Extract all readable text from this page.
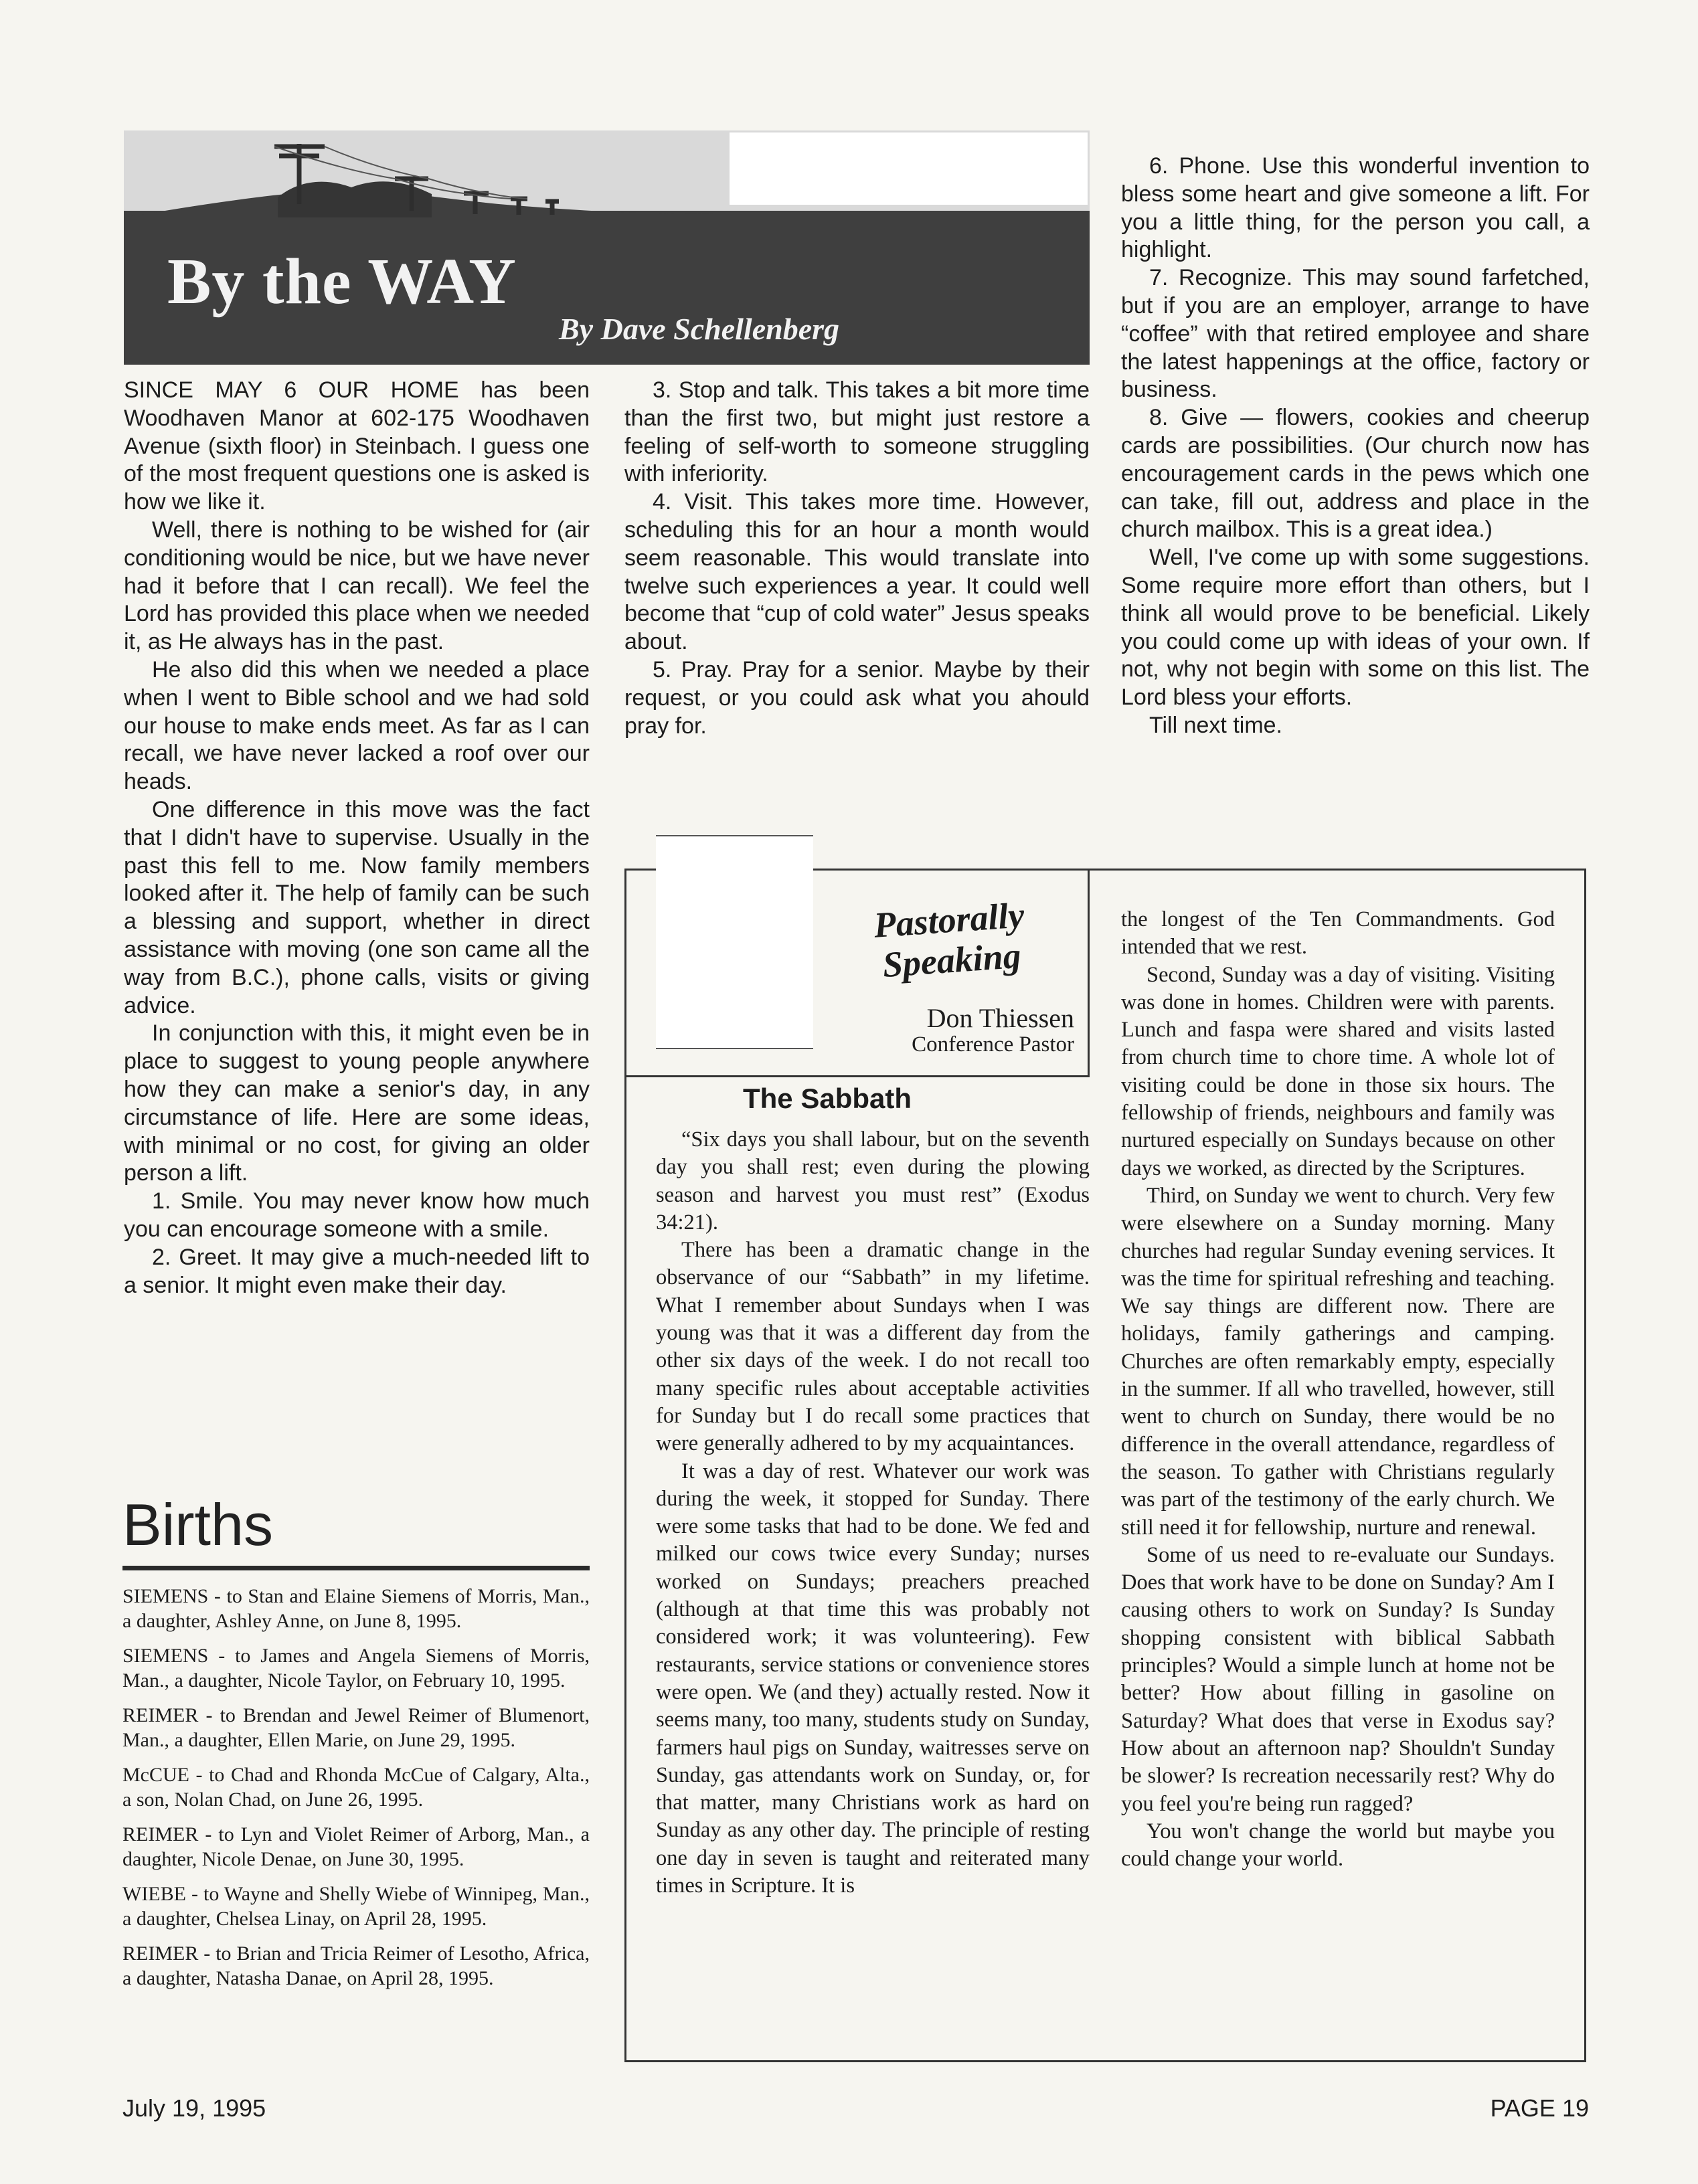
By the WAY
By Dave Schellenberg

SINCE MAY 6 OUR HOME has been Woodhaven Manor at 602-175 Woodhaven Avenue (sixth floor) in Steinbach. I guess one of the most frequent questions one is asked is how we like it.

Well, there is nothing to be wished for (air conditioning would be nice, but we have never had it before that I can recall). We feel the Lord has provided this place when we needed it, as He always has in the past.

He also did this when we needed a place when I went to Bible school and we had sold our house to make ends meet. As far as I can recall, we have never lacked a roof over our heads.

One difference in this move was the fact that I didn't have to supervise. Usually in the past this fell to me. Now family members looked after it. The help of family can be such a blessing and support, whether in direct assistance with moving (one son came all the way from B.C.), phone calls, visits or giving advice.

In conjunction with this, it might even be in place to suggest to young people anywhere how they can make a senior's day, in any circumstance of life. Here are some ideas, with minimal or no cost, for giving an older person a lift.

1. Smile. You may never know how much you can encourage someone with a smile.

2. Greet. It may give a much-needed lift to a senior. It might even make their day.

3. Stop and talk. This takes a bit more time than the first two, but might just restore a feeling of self-worth to someone struggling with inferiority.

4. Visit. This takes more time. However, scheduling this for an hour a month would seem reasonable. This would translate into twelve such experiences a year. It could well become that “cup of cold water” Jesus speaks about.

5. Pray. Pray for a senior. Maybe by their request, or you could ask what you ahould pray for.

6. Phone. Use this wonderful invention to bless some heart and give someone a lift. For you a little thing, for the person you call, a highlight.

7. Recognize. This may sound farfetched, but if you are an employer, arrange to have “coffee” with that retired employee and share the latest happenings at the office, factory or business.

8. Give — flowers, cookies and cheerup cards are possibilities. (Our church now has encouragement cards in the pews which one can take, fill out, address and place in the church mailbox. This is a great idea.)

Well, I've come up with some suggestions. Some require more effort than others, but I think all would prove to be beneficial. Likely you could come up with ideas of your own. If not, why not begin with some on this list. The Lord bless your efforts.

Till next time.

Births

SIEMENS - to Stan and Elaine Siemens of Morris, Man., a daughter, Ashley Anne, on June 8, 1995.

SIEMENS - to James and Angela Siemens of Morris, Man., a daughter, Nicole Taylor, on February 10, 1995.

REIMER - to Brendan and Jewel Reimer of Blumenort, Man., a daughter, Ellen Marie, on June 29, 1995.

McCUE - to Chad and Rhonda McCue of Calgary, Alta., a son, Nolan Chad, on June 26, 1995.

REIMER - to Lyn and Violet Reimer of Arborg, Man., a daughter, Nicole Denae, on June 30, 1995.

WIEBE - to Wayne and Shelly Wiebe of Winnipeg, Man., a daughter, Chelsea Linay, on April 28, 1995.

REIMER - to Brian and Tricia Reimer of Lesotho, Africa, a daughter, Natasha Danae, on April 28, 1995.

Pastorally
Speaking
Don Thiessen
Conference Pastor
The Sabbath

“Six days you shall labour, but on the seventh day you shall rest; even during the plowing season and harvest you must rest” (Exodus 34:21).

There has been a dramatic change in the observance of our “Sabbath” in my lifetime. What I remember about Sundays when I was young was that it was a different day from the other six days of the week. I do not recall too many specific rules about acceptable activities for Sunday but I do recall some practices that were generally adhered to by my acquaintances.

It was a day of rest. Whatever our work was during the week, it stopped for Sunday. There were some tasks that had to be done. We fed and milked our cows twice every Sunday; nurses worked on Sundays; preachers preached (although at that time this was probably not considered work; it was volunteering). Few restaurants, service stations or convenience stores were open. We (and they) actually rested. Now it seems many, too many, students study on Sunday, farmers haul pigs on Sunday, waitresses serve on Sunday, gas attendants work on Sunday, or, for that matter, many Christians work as hard on Sunday as any other day. The principle of resting one day in seven is taught and reiterated many times in Scripture. It is

the longest of the Ten Commandments. God intended that we rest.

Second, Sunday was a day of visiting. Visiting was done in homes. Children were with parents. Lunch and faspa were shared and visits lasted from church time to chore time. A whole lot of visiting could be done in those six hours. The fellowship of friends, neighbours and family was nurtured especially on Sundays because on other days we worked, as directed by the Scriptures.

Third, on Sunday we went to church. Very few were elsewhere on a Sunday morning. Many churches had regular Sunday evening services. It was the time for spiritual refreshing and teaching. We say things are different now. There are holidays, family gatherings and camping. Churches are often remarkably empty, especially in the summer. If all who travelled, however, still went to church on Sunday, there would be no difference in the overall attendance, regardless of the season. To gather with Christians regularly was part of the testimony of the early church. We still need it for fellowship, nurture and renewal.

Some of us need to re-evaluate our Sundays. Does that work have to be done on Sunday? Am I causing others to work on Sunday? Is Sunday shopping consistent with biblical Sabbath principles? Would a simple lunch at home not be better? How about filling in gasoline on Saturday? What does that verse in Exodus say? How about an afternoon nap? Shouldn't Sunday be slower? Is recreation necessarily rest? Why do you feel you're being run ragged?

You won't change the world but maybe you could change your world.

July 19, 1995	PAGE 19
